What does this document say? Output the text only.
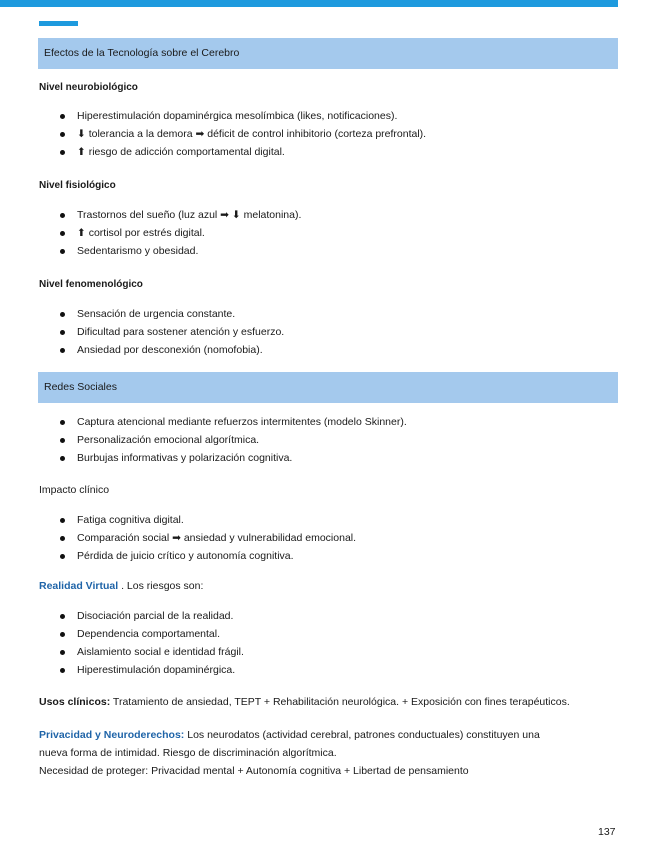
Efectos de la Tecnología sobre el Cerebro
Nivel neurobiológico
Hiperestimulación dopaminérgica mesolímbica (likes, notificaciones).
⬇ tolerancia a la demora ➡ déficit de control inhibitorio (corteza prefrontal).
⬆ riesgo de adicción comportamental digital.
Nivel fisiológico
Trastornos del sueño (luz azul ➡ ⬇ melatonina).
⬆ cortisol por estrés digital.
Sedentarismo y obesidad.
Nivel fenomenológico
Sensación de urgencia constante.
Dificultad para sostener atención y esfuerzo.
Ansiedad por desconexión (nomofobia).
Redes Sociales
Captura atencional mediante refuerzos intermitentes (modelo Skinner).
Personalización emocional algorítmica.
Burbujas informativas y polarización cognitiva.
Impacto clínico
Fatiga cognitiva digital.
Comparación social ➡ ansiedad y vulnerabilidad emocional.
Pérdida de juicio crítico y autonomía cognitiva.
Realidad Virtual . Los riesgos son:
Disociación parcial de la realidad.
Dependencia comportamental.
Aislamiento social e identidad frágil.
Hiperestimulación dopaminérgica.
Usos clínicos: Tratamiento de ansiedad, TEPT + Rehabilitación neurológica. + Exposición con fines terapéuticos.
Privacidad y Neuroderechos: Los neurodatos (actividad cerebral, patrones conductuales) constituyen una
nueva forma de intimidad. Riesgo de discriminación algorítmica.
Necesidad de proteger: Privacidad mental + Autonomía cognitiva + Libertad de pensamiento
137
